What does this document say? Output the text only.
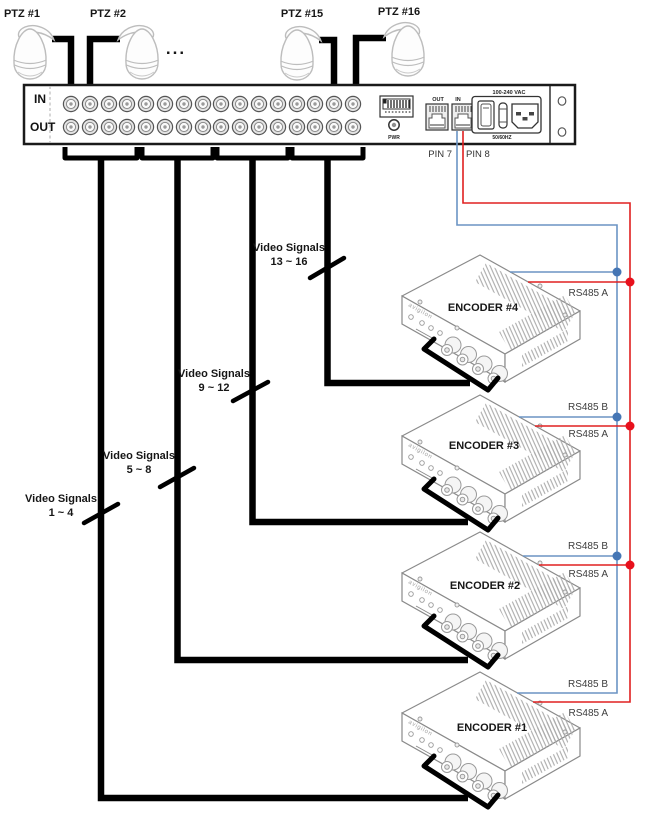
PTZ #1	PTZ #2	PTZ #15	PTZ #16
...
IN
OUT
PWR
OUT IN
100-240 VAC
50/60HZ
Video Signals
1 ~ 4
Video Signals
5 ~ 8
Video Signals
9 ~ 12
Video Signals
13 ~ 16
avigilon ENCODER #4
avigilon ENCODER #3
avigilon ENCODER #2
avigilon ENCODER #1
PIN 7 PIN 8
RS485 A
RS485 B
RS485 A
RS485 B
RS485 A
RS485 B
RS485 A
